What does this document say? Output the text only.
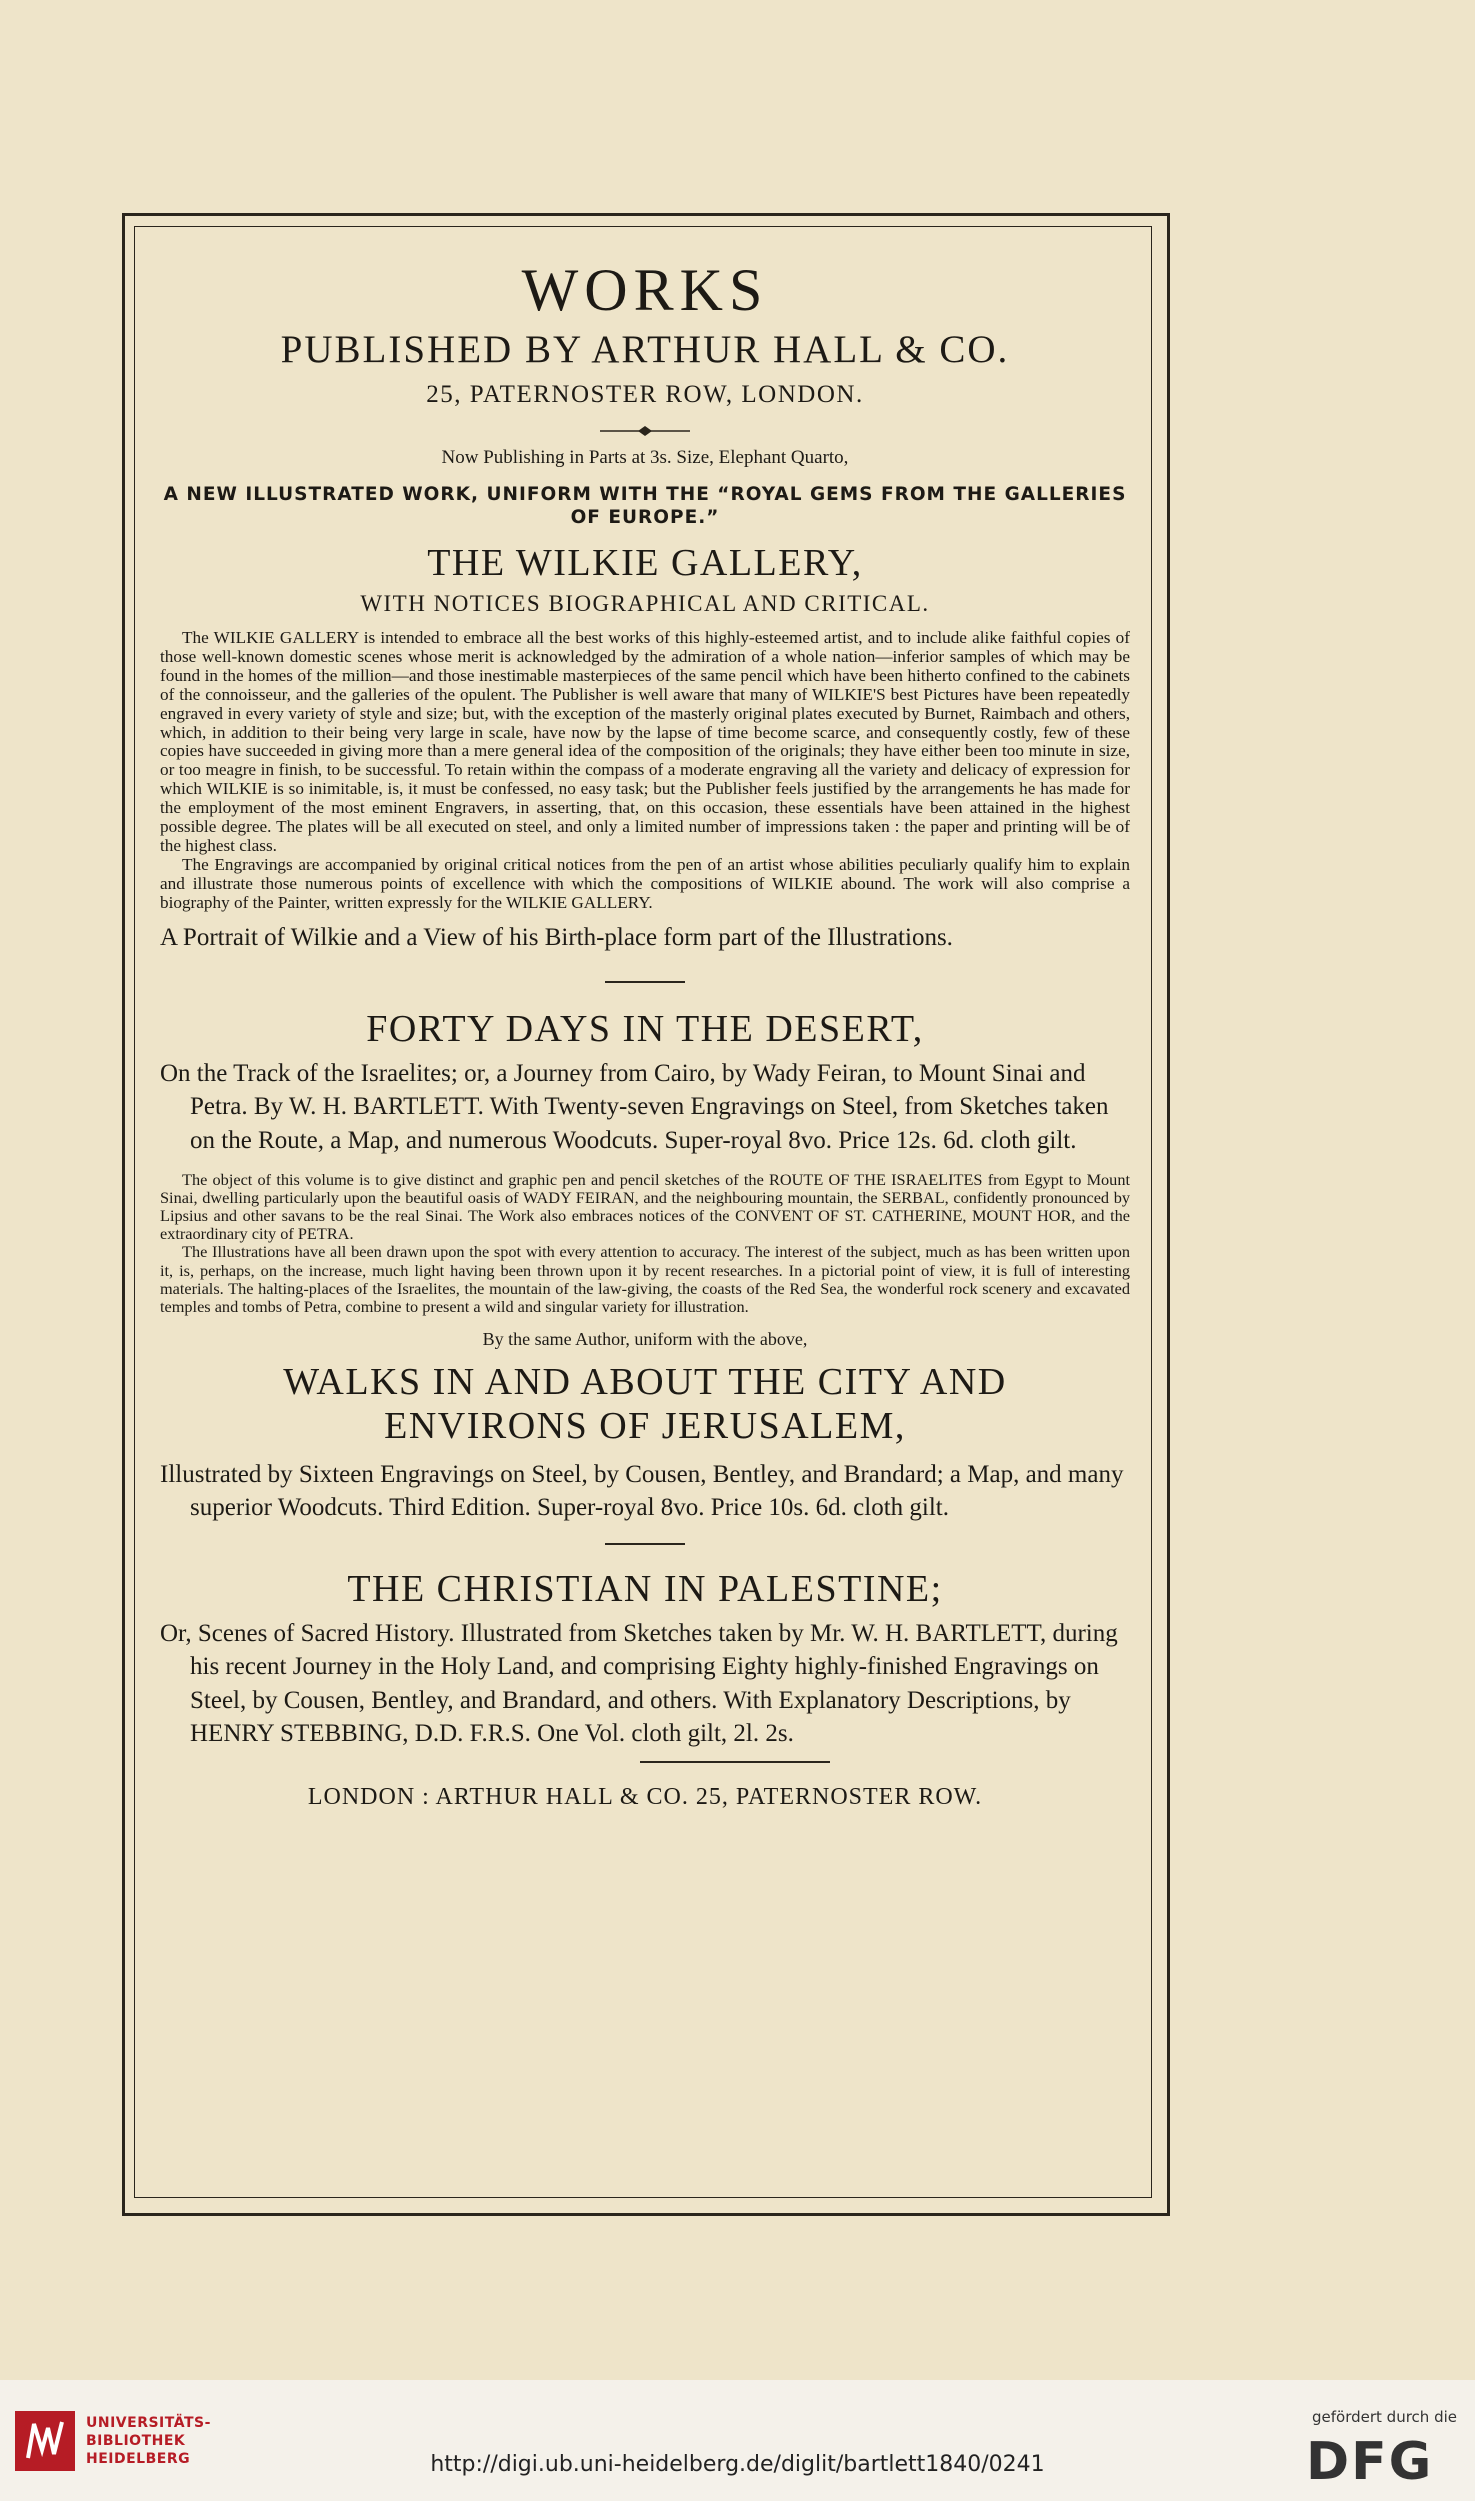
WORKS
PUBLISHED BY ARTHUR HALL & CO.
25, PATERNOSTER ROW, LONDON.
Now Publishing in Parts at 3s. Size, Elephant Quarto,
A NEW ILLUSTRATED WORK, UNIFORM WITH THE “ROYAL GEMS FROM THE GALLERIES OF EUROPE.”
THE WILKIE GALLERY,
WITH NOTICES BIOGRAPHICAL AND CRITICAL.

The WILKIE GALLERY is intended to embrace all the best works of this highly-esteemed artist, and to include alike faithful copies of those well-known domestic scenes whose merit is acknowledged by the admiration of a whole nation—inferior samples of which may be found in the homes of the million—and those inestimable masterpieces of the same pencil which have been hitherto confined to the cabinets of the connoisseur, and the galleries of the opulent. The Publisher is well aware that many of WILKIE'S best Pictures have been repeatedly engraved in every variety of style and size; but, with the exception of the masterly original plates executed by Burnet, Raimbach and others, which, in addition to their being very large in scale, have now by the lapse of time become scarce, and consequently costly, few of these copies have succeeded in giving more than a mere general idea of the composition of the originals; they have either been too minute in size, or too meagre in finish, to be successful. To retain within the compass of a moderate engraving all the variety and delicacy of expression for which WILKIE is so inimitable, is, it must be confessed, no easy task; but the Publisher feels justified by the arrangements he has made for the employment of the most eminent Engravers, in asserting, that, on this occasion, these essentials have been attained in the highest possible degree. The plates will be all executed on steel, and only a limited number of impressions taken : the paper and printing will be of the highest class.

The Engravings are accompanied by original critical notices from the pen of an artist whose abilities peculiarly qualify him to explain and illustrate those numerous points of excellence with which the compositions of WILKIE abound. The work will also comprise a biography of the Painter, written expressly for the WILKIE GALLERY.

A Portrait of Wilkie and a View of his Birth-place form part of the Illustrations.
FORTY DAYS IN THE DESERT,
On the Track of the Israelites; or, a Journey from Cairo, by Wady Feiran, to Mount Sinai and Petra. By W. H. BARTLETT. With Twenty-seven Engravings on Steel, from Sketches taken on the Route, a Map, and numerous Woodcuts. Super-royal 8vo. Price 12s. 6d. cloth gilt.

The object of this volume is to give distinct and graphic pen and pencil sketches of the ROUTE OF THE ISRAELITES from Egypt to Mount Sinai, dwelling particularly upon the beautiful oasis of WADY FEIRAN, and the neighbouring mountain, the SERBAL, confidently pronounced by Lipsius and other savans to be the real Sinai. The Work also embraces notices of the CONVENT OF ST. CATHERINE, MOUNT HOR, and the extraordinary city of PETRA.

The Illustrations have all been drawn upon the spot with every attention to accuracy. The interest of the subject, much as has been written upon it, is, perhaps, on the increase, much light having been thrown upon it by recent researches. In a pictorial point of view, it is full of interesting materials. The halting-places of the Israelites, the mountain of the law-giving, the coasts of the Red Sea, the wonderful rock scenery and excavated temples and tombs of Petra, combine to present a wild and singular variety for illustration.

By the same Author, uniform with the above,
WALKS IN AND ABOUT THE CITY AND ENVIRONS OF JERUSALEM,
Illustrated by Sixteen Engravings on Steel, by Cousen, Bentley, and Brandard; a Map, and many superior Woodcuts. Third Edition. Super-royal 8vo. Price 10s. 6d. cloth gilt.
THE CHRISTIAN IN PALESTINE;
Or, Scenes of Sacred History. Illustrated from Sketches taken by Mr. W. H. BARTLETT, during his recent Journey in the Holy Land, and comprising Eighty highly-finished Engravings on Steel, by Cousen, Bentley, and Brandard, and others. With Explanatory Descriptions, by HENRY STEBBING, D.D. F.R.S. One Vol. cloth gilt, 2l. 2s.
LONDON : ARTHUR HALL & CO. 25, PATERNOSTER ROW.
UNIVERSITÄTS-
BIBLIOTHEK
HEIDELBERG	http://digi.ub.uni-heidelberg.de/diglit/bartlett1840/0241
gefördert durch die
DFG
